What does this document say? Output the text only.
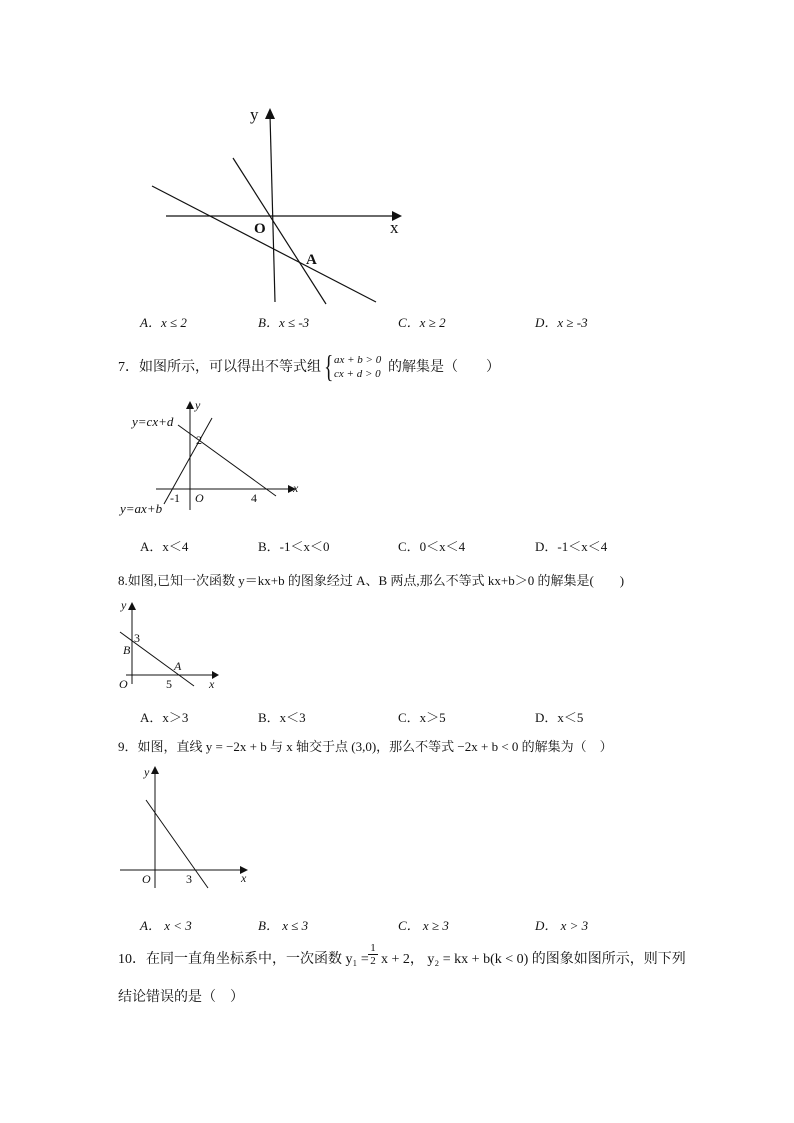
y
x
O
A
A．x ≤ 2	B．x ≤ -3	C．x ≥ 2	D．x ≥ -3
7．如图所示，可以得出不等式组 { ax + b > 0
cx + d > 0 的解集是（　　）
y=cx+d
y=ax+b
y
x
O
2
-1	4
A．x＜4	B．-1＜x＜0	C．0＜x＜4	D．-1＜x＜4
8.如图,已知一次函数 y＝kx+b 的图象经过 A、B 两点,那么不等式 kx+b＞0 的解集是(　　)
y
x
O
B
A
3
5
A．x＞3	B．x＜3	C．x＞5	D．x＜5
9．如图，直线 y = −2x + b 与 x 轴交于点 (3,0)，那么不等式 −2x + b < 0 的解集为（　）
y
x
O	3
A． x < 3	B． x ≤ 3	C． x ≥ 3	D． x > 3
10．在同一直角坐标系中，一次函数 $y_1 = \frac{1}{2}$ x + 2， y₂ = kx + b(k < 0) 的图象如图所示，则下列
结论错误的是（　）
